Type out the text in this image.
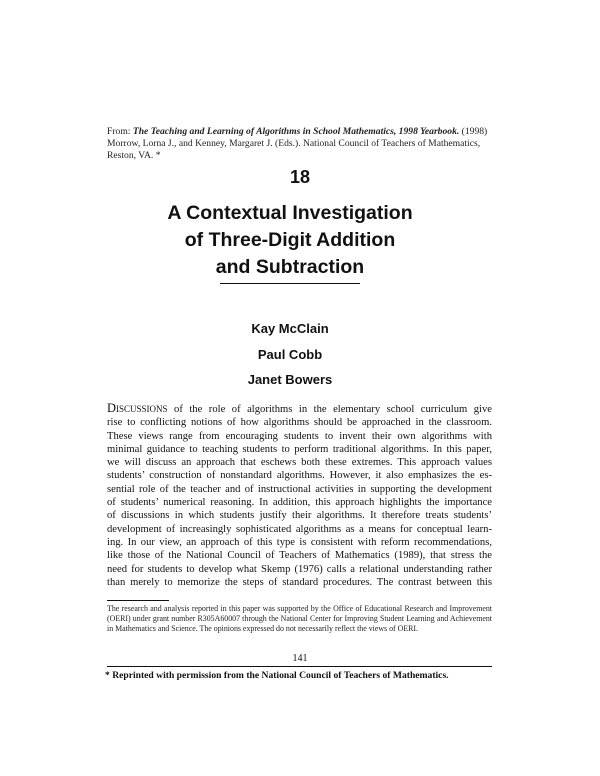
From: The Teaching and Learning of Algorithms in School Mathematics, 1998 Yearbook. (1998)
Morrow, Lorna J., and Kenney, Margaret J. (Eds.). National Council of Teachers of Mathematics, Reston, VA. *
18
A Contextual Investigation
of Three-Digit Addition
and Subtraction
Kay McClain
Paul Cobb
Janet Bowers
Discussions of the role of algorithms in the elementary school curriculum give
rise to conflicting notions of how algorithms should be approached in the classroom.
These views range from encouraging students to invent their own algorithms with
minimal guidance to teaching students to perform traditional algorithms. In this paper,
we will discuss an approach that eschews both these extremes. This approach values
students’ construction of nonstandard algorithms. However, it also emphasizes the es-
sential role of the teacher and of instructional activities in supporting the development
of students’ numerical reasoning. In addition, this approach highlights the importance
of discussions in which students justify their algorithms. It therefore treats students’
development of increasingly sophisticated algorithms as a means for conceptual learn-
ing. In our view, an approach of this type is consistent with reform recommendations,
like those of the National Council of Teachers of Mathematics (1989), that stress the
need for students to develop what Skemp (1976) calls a relational understanding rather
than merely to memorize the steps of standard procedures. The contrast between this
The research and analysis reported in this paper was supported by the Office of Educational Research and Improvement (OERI) under grant number R305A60007 through the National Center for Improving Student Learning and Achievement in Mathematics and Science. The opinions expressed do not necessarily reflect the views of OERI.
141
* Reprinted with permission from the National Council of Teachers of Mathematics.
